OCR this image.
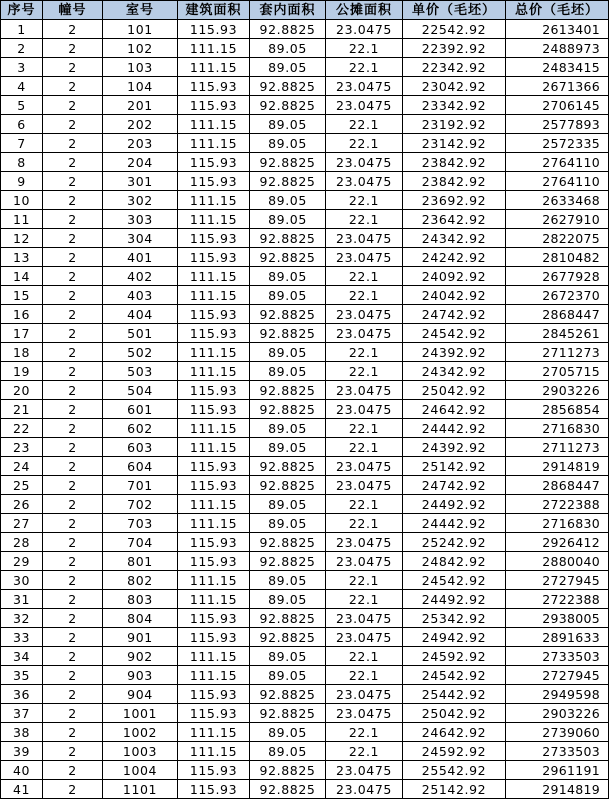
序号	幢号	室号	建筑面积	套内面积	公摊面积	单价（毛坯）	总价（毛坯）
1	2	101	115.93	92.8825	23.0475	22542.92	2613401
2	2	102	111.15	89.05	22.1	22392.92	2488973
3	2	103	111.15	89.05	22.1	22342.92	2483415
4	2	104	115.93	92.8825	23.0475	23042.92	2671366
5	2	201	115.93	92.8825	23.0475	23342.92	2706145
6	2	202	111.15	89.05	22.1	23192.92	2577893
7	2	203	111.15	89.05	22.1	23142.92	2572335
8	2	204	115.93	92.8825	23.0475	23842.92	2764110
9	2	301	115.93	92.8825	23.0475	23842.92	2764110
10	2	302	111.15	89.05	22.1	23692.92	2633468
11	2	303	111.15	89.05	22.1	23642.92	2627910
12	2	304	115.93	92.8825	23.0475	24342.92	2822075
13	2	401	115.93	92.8825	23.0475	24242.92	2810482
14	2	402	111.15	89.05	22.1	24092.92	2677928
15	2	403	111.15	89.05	22.1	24042.92	2672370
16	2	404	115.93	92.8825	23.0475	24742.92	2868447
17	2	501	115.93	92.8825	23.0475	24542.92	2845261
18	2	502	111.15	89.05	22.1	24392.92	2711273
19	2	503	111.15	89.05	22.1	24342.92	2705715
20	2	504	115.93	92.8825	23.0475	25042.92	2903226
21	2	601	115.93	92.8825	23.0475	24642.92	2856854
22	2	602	111.15	89.05	22.1	24442.92	2716830
23	2	603	111.15	89.05	22.1	24392.92	2711273
24	2	604	115.93	92.8825	23.0475	25142.92	2914819
25	2	701	115.93	92.8825	23.0475	24742.92	2868447
26	2	702	111.15	89.05	22.1	24492.92	2722388
27	2	703	111.15	89.05	22.1	24442.92	2716830
28	2	704	115.93	92.8825	23.0475	25242.92	2926412
29	2	801	115.93	92.8825	23.0475	24842.92	2880040
30	2	802	111.15	89.05	22.1	24542.92	2727945
31	2	803	111.15	89.05	22.1	24492.92	2722388
32	2	804	115.93	92.8825	23.0475	25342.92	2938005
33	2	901	115.93	92.8825	23.0475	24942.92	2891633
34	2	902	111.15	89.05	22.1	24592.92	2733503
35	2	903	111.15	89.05	22.1	24542.92	2727945
36	2	904	115.93	92.8825	23.0475	25442.92	2949598
37	2	1001	115.93	92.8825	23.0475	25042.92	2903226
38	2	1002	111.15	89.05	22.1	24642.92	2739060
39	2	1003	111.15	89.05	22.1	24592.92	2733503
40	2	1004	115.93	92.8825	23.0475	25542.92	2961191
41	2	1101	115.93	92.8825	23.0475	25142.92	2914819
